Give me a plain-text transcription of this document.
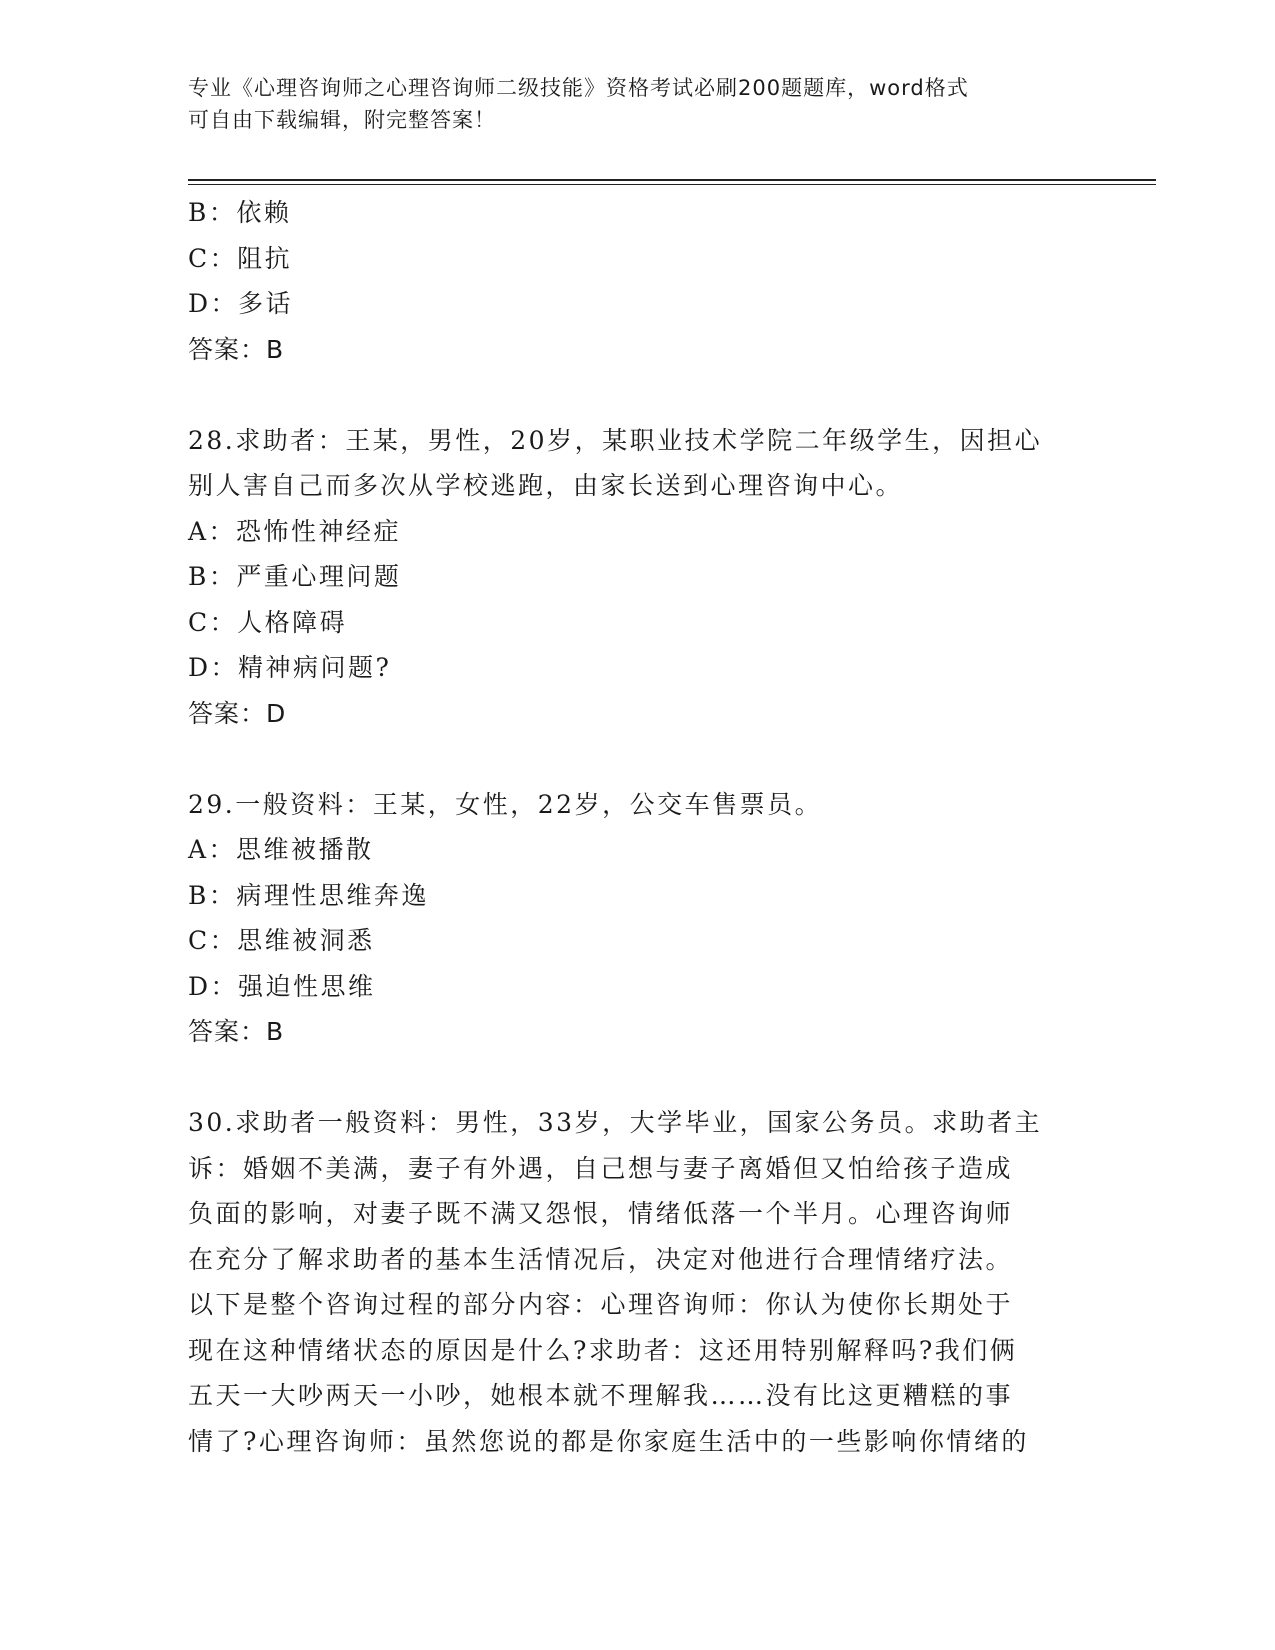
专业《心理咨询师之心理咨询师二级技能》资格考试必刷200题题库，word格式
可自由下载编辑，附完整答案！
B：依赖
C：阻抗
D：多话
答案：B
28.求助者：王某，男性，20岁，某职业技术学院二年级学生，因担心
别人害自己而多次从学校逃跑，由家长送到心理咨询中心。
A：恐怖性神经症
B：严重心理问题
C：人格障碍
D：精神病问题?
答案：D
29.一般资料：王某，女性，22岁，公交车售票员。
A：思维被播散
B：病理性思维奔逸
C：思维被洞悉
D：强迫性思维
答案：B
30.求助者一般资料：男性，33岁，大学毕业，国家公务员。求助者主
诉：婚姻不美满，妻子有外遇，自己想与妻子离婚但又怕给孩子造成
负面的影响，对妻子既不满又怨恨，情绪低落一个半月。心理咨询师
在充分了解求助者的基本生活情况后，决定对他进行合理情绪疗法。
以下是整个咨询过程的部分内容：心理咨询师：你认为使你长期处于
现在这种情绪状态的原因是什么?求助者：这还用特别解释吗?我们俩
五天一大吵两天一小吵，她根本就不理解我……没有比这更糟糕的事
情了?心理咨询师：虽然您说的都是你家庭生活中的一些影响你情绪的
